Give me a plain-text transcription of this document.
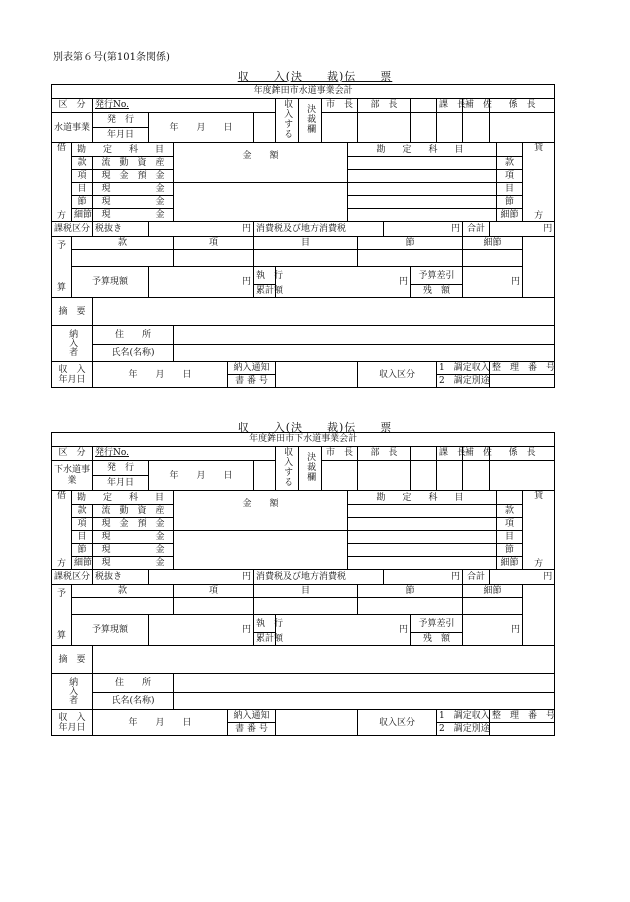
別表第６号(第101条関係)
収　　入(決　　裁)伝　　票
年度鉾田市水道事業会計																			
区　分		発行No.					収入する	決裁欄	市　長		部　長			課　長	補　佐	係　長	
水道事業		発　行	年　　月　　日																
		年月日																	

借
方	勘　定　科　目			金　　額						勘　定　科　目								貸
方	

	款	流　動　資　産															款		
	項	現　金　預　金															項		
	目	現　　　　　金															目		
	節	現　　　　　金															節		
	細節	現　　　　　金															細節		
課税区分		税抜き	円			消費税及び地方消費税						円			合計	円			

予
算	款			項		目					節				細節				

	予算現額		円			執　行	円						予算差引		円				
						累計額							残　額						
摘　要																			
納入者		住　　所																	
		氏名(名称)																	

収　入
年月日		年　　月　　日			納入通知						収入区分			1　調定収入		整　理　番　号			
					書 番 号									2　調定別途					
収　　入(決　　裁)伝　　票
年度鉾田市下水道事業会計																			
区　分		発行No.					収入する	決裁欄	市　長		部　長			課　長	補　佐	係　長	
下水道事業		発　行	年　　月　　日																
		年月日																	

借
方	勘　定　科　目			金　　額						勘　定　科　目								貸
方	

	款	流　動　資　産															款		
	項	現　金　預　金															項		
	目	現　　　　　金															目		
	節	現　　　　　金															節		
	細節	現　　　　　金															細節		
課税区分		税抜き	円			消費税及び地方消費税						円			合計	円			

予
算	款			項		目					節				細節				

	予算現額		円			執　行	円						予算差引		円				
						累計額							残　額						
摘　要																			
納入者		住　　所																	
		氏名(名称)																	

収　入
年月日		年　　月　　日			納入通知						収入区分			1　調定収入		整　理　番　号			
					書 番 号									2　調定別途					
